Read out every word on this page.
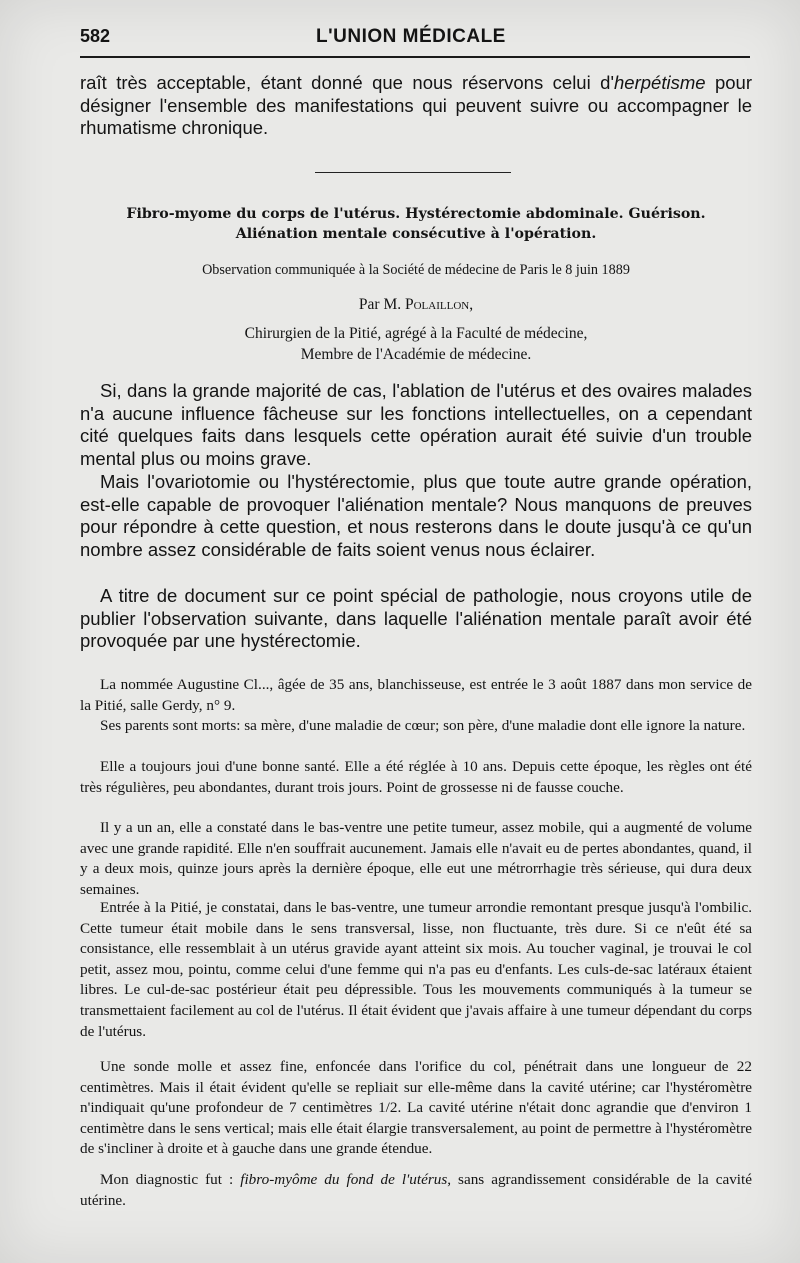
582	L'UNION MÉDICALE

raît très acceptable, étant donné que nous réservons celui d'herpétisme pour désigner l'ensemble des manifestations qui peuvent suivre ou accompagner le rhumatisme chronique.

Fibro-myome du corps de l'utérus. Hystérectomie abdominale. Guérison.
Aliénation mentale consécutive à l'opération.
Observation communiquée à la Société de médecine de Paris le 8 juin 1889
Par M. Polaillon,
Chirurgien de la Pitié, agrégé à la Faculté de médecine,
Membre de l'Académie de médecine.

Si, dans la grande majorité de cas, l'ablation de l'utérus et des ovaires malades n'a aucune influence fâcheuse sur les fonctions intellectuelles, on a cependant cité quelques faits dans lesquels cette opération aurait été suivie d'un trouble mental plus ou moins grave.

Mais l'ovariotomie ou l'hystérectomie, plus que toute autre grande opération, est-elle capable de provoquer l'aliénation mentale? Nous manquons de preuves pour répondre à cette question, et nous resterons dans le doute jusqu'à ce qu'un nombre assez considérable de faits soient venus nous éclairer.

A titre de document sur ce point spécial de pathologie, nous croyons utile de publier l'observation suivante, dans laquelle l'aliénation mentale paraît avoir été provoquée par une hystérectomie.

La nommée Augustine Cl..., âgée de 35 ans, blanchisseuse, est entrée le 3 août 1887 dans mon service de la Pitié, salle Gerdy, n° 9.

Ses parents sont morts: sa mère, d'une maladie de cœur; son père, d'une maladie dont elle ignore la nature.

Elle a toujours joui d'une bonne santé. Elle a été réglée à 10 ans. Depuis cette époque, les règles ont été très régulières, peu abondantes, durant trois jours. Point de grossesse ni de fausse couche.

Il y a un an, elle a constaté dans le bas-ventre une petite tumeur, assez mobile, qui a augmenté de volume avec une grande rapidité. Elle n'en souffrait aucunement. Jamais elle n'avait eu de pertes abondantes, quand, il y a deux mois, quinze jours après la dernière époque, elle eut une métrorrhagie très sérieuse, qui dura deux semaines.

Entrée à la Pitié, je constatai, dans le bas-ventre, une tumeur arrondie remontant presque jusqu'à l'ombilic. Cette tumeur était mobile dans le sens transversal, lisse, non fluctuante, très dure. Si ce n'eût été sa consistance, elle ressemblait à un utérus gravide ayant atteint six mois. Au toucher vaginal, je trouvai le col petit, assez mou, pointu, comme celui d'une femme qui n'a pas eu d'enfants. Les culs-de-sac latéraux étaient libres. Le cul-de-sac postérieur était peu dépressible. Tous les mouvements communiqués à la tumeur se transmettaient facilement au col de l'utérus. Il était évident que j'avais affaire à une tumeur dépendant du corps de l'utérus.

Une sonde molle et assez fine, enfoncée dans l'orifice du col, pénétrait dans une longueur de 22 centimètres. Mais il était évident qu'elle se repliait sur elle-même dans la cavité utérine; car l'hystéromètre n'indiquait qu'une profondeur de 7 centimètres 1/2. La cavité utérine n'était donc agrandie que d'environ 1 centimètre dans le sens vertical; mais elle était élargie transversalement, au point de permettre à l'hystéromètre de s'incliner à droite et à gauche dans une grande étendue.

Mon diagnostic fut : fibro-myôme du fond de l'utérus, sans agrandissement considérable de la cavité utérine.
